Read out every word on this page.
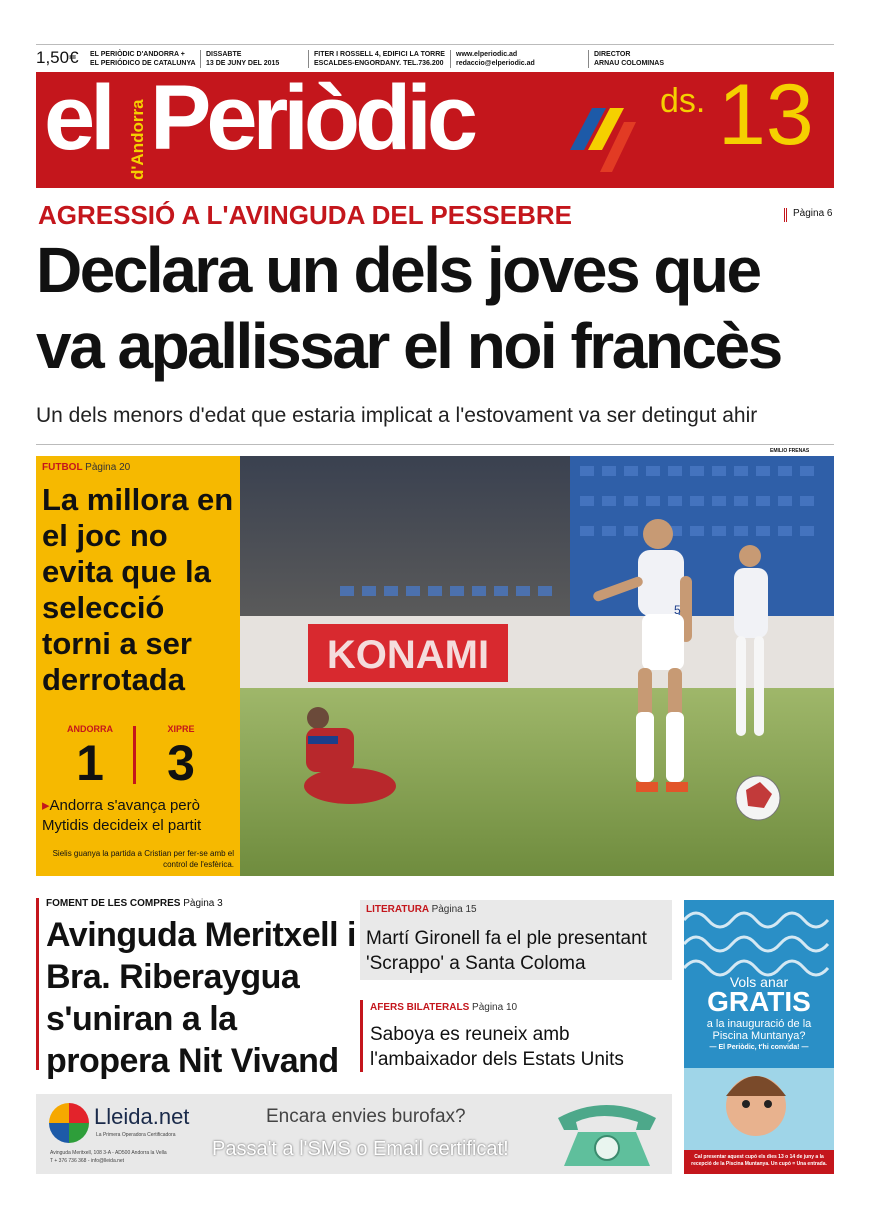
1,50€ EL PERIÒDIC D'ANDORRA +
EL PERIÓDICO DE CATALUNYA
DISSABTE
13 DE JUNY DEL 2015
FITER I ROSSELL 4, EDIFICI LA TORRE
ESCALDES-ENGORDANY. TEL.736.200
www.elperiodic.ad
redaccio@elperiodic.ad
DIRECTOR
ARNAU COLOMINAS
el d'Andorra Periòdic	ds. 13
AGRESSIÓ A L'AVINGUDA DEL PESSEBRE	Pàgina 6
Declara un dels joves que
va apallissar el noi francès
Un dels menors d'edat que estaria implicat a l'estovament va ser detingut ahir
EMILIO FRENAS
FUTBOL Pàgina 20
La millora en el joc no evita que la selecció torni a ser derrotada
ANDORRA	XIPRE
1	3
▸Andorra s'avança però Mytidis decideix el partit
Sielis guanya la partida a Cristian per fer-se amb el control de l'esfèrica.
KONAMI
5
FOMENT DE LES COMPRES Pàgina 3
Avinguda Meritxell i Bra. Riberaygua s'uniran a la propera Nit Vivand
LITERATURA Pàgina 15
Martí Gironell fa el ple presentant 'Scrappo' a Santa Coloma
AFERS BILATERALS Pàgina 10
Saboya es reuneix amb l'ambaixador dels Estats Units
Vols anar
GRATIS
a la inauguració de la Piscina Muntanya?
— El Periòdic, t'hi convida! —
Cal presentar aquest cupó els dies 13 o 14 de juny a la recepció de la Piscina Muntanya. Un cupó = Una entrada.
Lleida.net
La Primera Operadora Certificadora
Avinguda Meritxell, 108 3-A - AD500 Andorra la Vella
T + 376 736 368 - info@lleida.net
Encara envies burofax?
Passa't a l'SMS o Email certificat!
